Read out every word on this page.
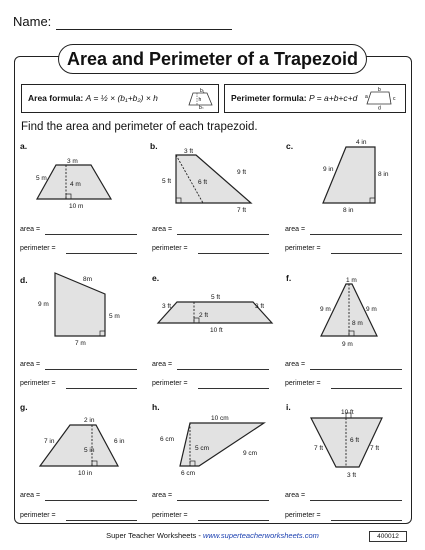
Name:
Area and Perimeter of a Trapezoid
Area formula: A = ½ × (b₁+b₂) × h
b₁
h
b₂
Perimeter formula: P = a+b+c+d a
b
c
d
Find the area and perimeter of each trapezoid.
a.
3 m
5 m
4 m
10 m
b.
3 ft
5 ft	6 ft
9 ft
7 ft
c.	4 in
9 in
8 in
8 in
d.	8m
9 m
5 m
7 m
e.
5 ft
3 ft	3 ft
2 ft
10 ft
f.	1 m
9 m	9 m
8 m
9 m
g.
2 in
7 in
5 in
6 in
10 in
h.
10 cm
6 cm
5 cm
9 cm
6 cm
i.
10 ft
7 ft
6 ft
7 ft
3 ft
area =
perimeter =
area =
perimeter =
area =
perimeter =
area =
perimeter =
area =
perimeter =
area =
perimeter =
area =
perimeter =
area =
perimeter =
area =
perimeter =
Super Teacher Worksheets - www.superteacherworksheets.com	400012
